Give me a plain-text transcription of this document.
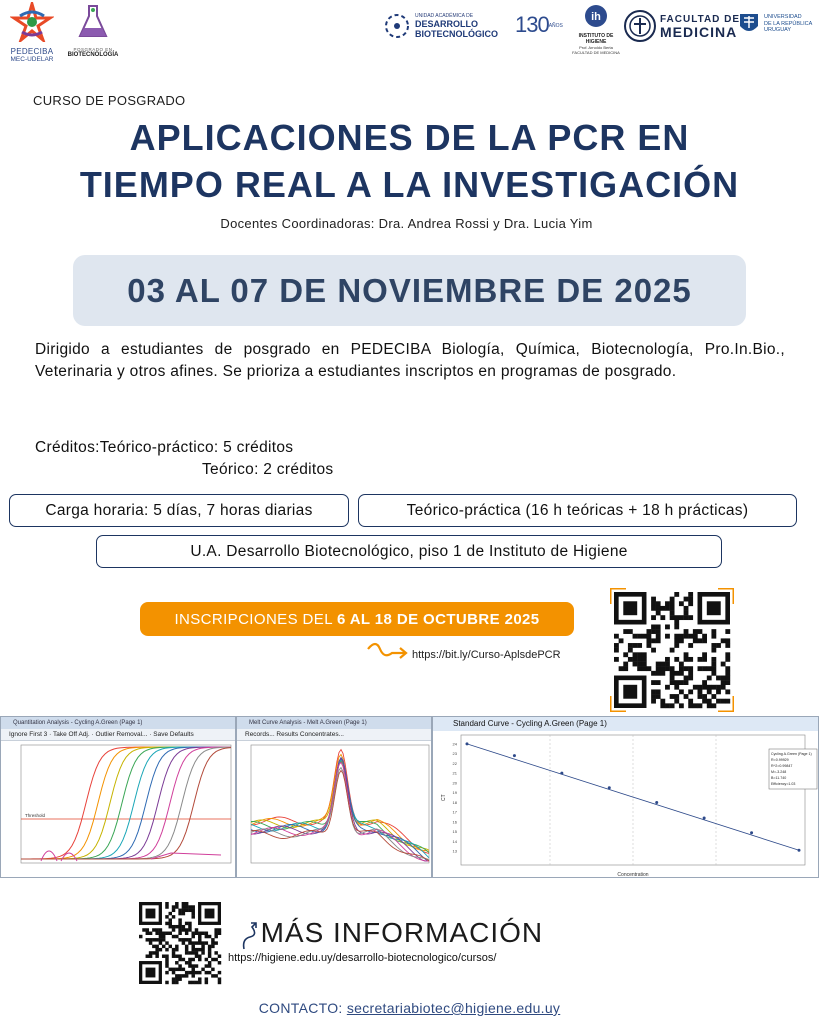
PEDECIBA
MEC-UDELAR
POSGRADO EN
BIOTECNOLOGÍA
UNIDAD ACADÉMICA DE
DESARROLLO
BIOTECNOLÓGICO 130AÑOS
ih
INSTITUTO DE HIGIENE
Prof. Arnoldo Berta
FACULTAD DE MEDICINA
FACULTAD DE
MEDICINA
UNIVERSIDAD
DE LA REPÚBLICA
URUGUAY
CURSO DE POSGRADO
APLICACIONES DE LA PCR EN
TIEMPO REAL A LA INVESTIGACIÓN
Docentes Coordinadoras: Dra. Andrea Rossi y Dra. Lucia Yim
03 AL 07 DE NOVIEMBRE DE 2025
Dirigido a estudiantes de posgrado en PEDECIBA Biología, Química, Biotecnología, Pro.In.Bio., Veterinaria y otros afines. Se prioriza a estudiantes inscriptos en programas de posgrado.
Créditos:Teórico-práctico: 5 créditos
Teórico: 2 créditos
Carga horaria: 5 días, 7 horas diarias	Teórico-práctica (16 h teóricas + 18 h prácticas)
U.A. Desarrollo Biotecnológico, piso 1 de Instituto de Higiene
INSCRIPCIONES DEL 6 AL 18 DE OCTUBRE 2025
https://bit.ly/Curso-AplsdePCR
Quantitation Analysis - Cycling A.Green (Page 1)
Ignore First 3 · Take Off Adj. · Outlier Removal... · Save Defaults
Threshold
Melt Curve Analysis - Melt A.Green (Page 1)
Records... Results Concentrates...
Standard Curve - Cycling A.Green (Page 1)
13
14
15
16
17
18
19
20
21
22
23
24
Concentration
CT
Cycling A.Green (Page 1)
R=0.99929
R^2=0.99847
M=-3.248
B=11.740
Efficiency=1.03
MÁS INFORMACIÓN
https://higiene.edu.uy/desarrollo-biotecnologico/cursos/
CONTACTO: secretariabiotec@higiene.edu.uy
